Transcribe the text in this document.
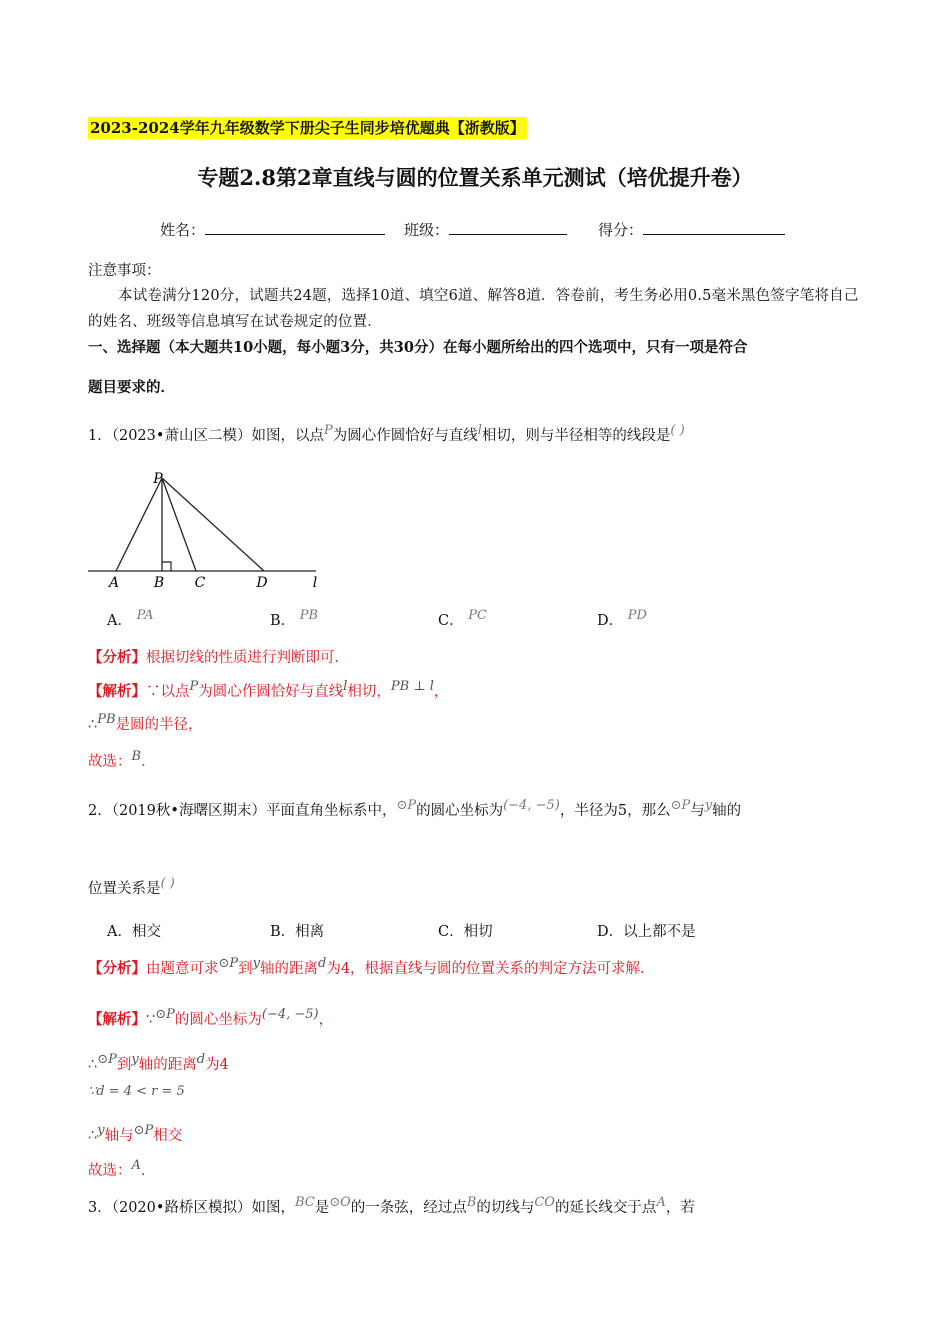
2023-2024学年九年级数学下册尖子生同步培优题典【浙教版】
专题2.8第2章直线与圆的位置关系单元测试（培优提升卷）
姓名：	班级：	得分：
注意事项：
本试卷满分120分，试题共24题，选择10道、填空6道、解答8道．答卷前，考生务必用0.5毫米黑色签字笔将自己的姓名、班级等信息填写在试卷规定的位置．
一、选择题（本大题共10小题，每小题3分，共30分）在每小题所给出的四个选项中，只有一项是符合
题目要求的．
1．（2023•萧山区二模）如图，以点P为圆心作圆恰好与直线l相切，则与半径相等的线段是( )
P
A B C	D	l
A． PA	B． PB	C． PC	D． PD
【分析】根据切线的性质进行判断即可．
【解析】∵以点P为圆心作圆恰好与直线l相切，PB ⊥ l，
∴PB是圆的半径，
故选：B．
2．（2019秋•海曙区期末）平面直角坐标系中，⊙P的圆心坐标为(−4, −5)，半径为5，那么⊙P与y轴的
位置关系是( )
A．相交	B．相离	C．相切	D．以上都不是
【分析】由题意可求⊙P到y轴的距离d为4，根据直线与圆的位置关系的判定方法可求解．
【解析】∵⊙P的圆心坐标为(−4, −5)，
∴⊙P到y轴的距离d为4
∵d = 4 < r = 5
∴y轴与⊙P相交
故选：A．
3．（2020•路桥区模拟）如图，BC是⊙O的一条弦，经过点B的切线与CO的延长线交于点A，若
